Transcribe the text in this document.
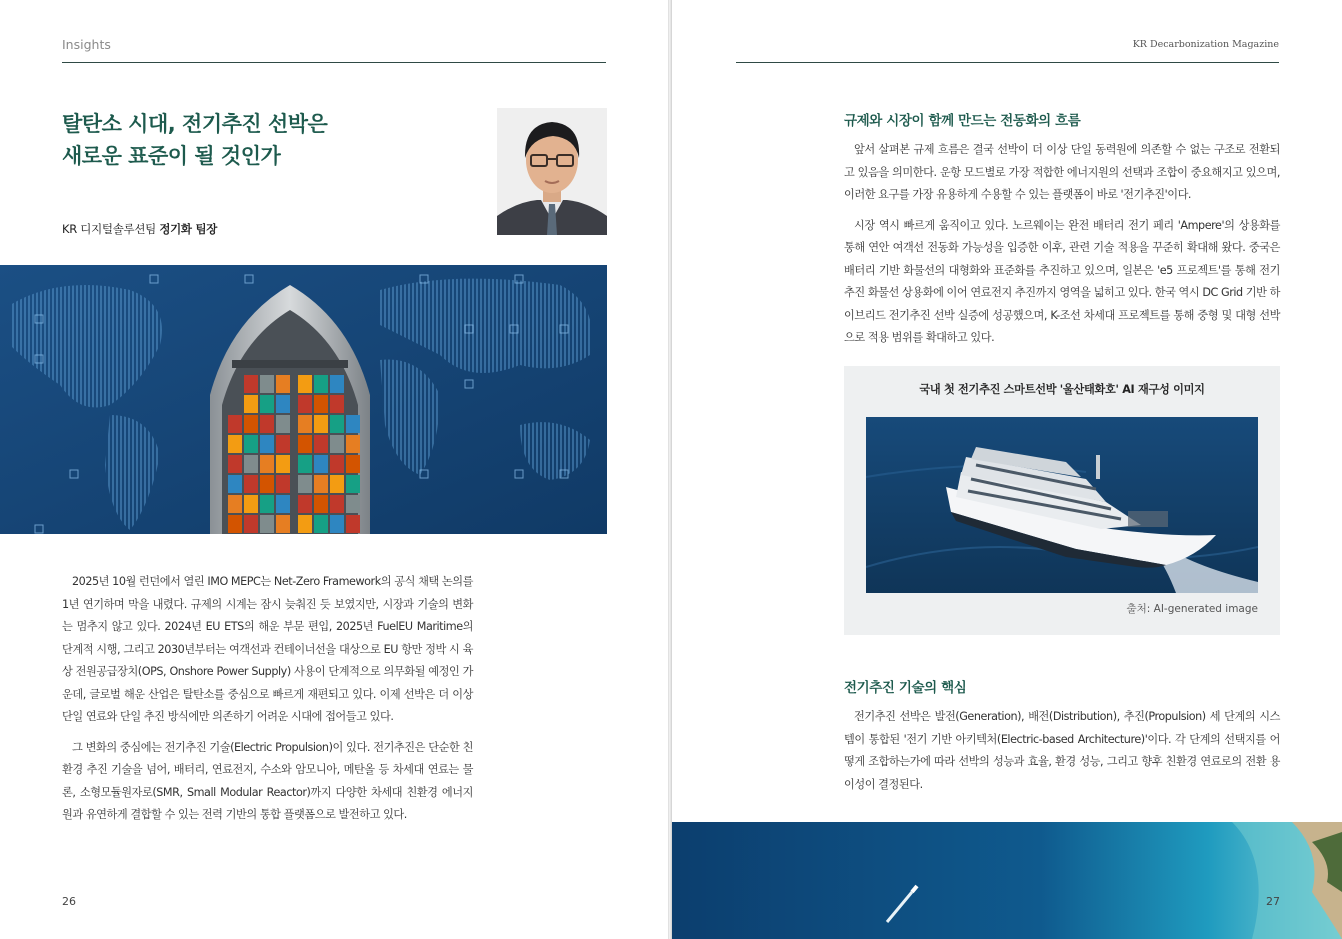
Insights
탈탄소 시대, 전기추진 선박은
새로운 표준이 될 것인가
KR 디지털솔루션팀 정기화 팀장

2025년 10월 런던에서 열린 IMO MEPC는 Net-Zero Framework의 공식 채택 논의를 1년 연기하며 막을 내렸다. 규제의 시계는 잠시 늦춰진 듯 보였지만, 시장과 기술의 변화는 멈추지 않고 있다. 2024년 EU ETS의 해운 부문 편입, 2025년 FuelEU Maritime의 단계적 시행, 그리고 2030년부터는 여객선과 컨테이너선을 대상으로 EU 항만 정박 시 육상 전원공급장치(OPS, Onshore Power Supply) 사용이 단계적으로 의무화될 예정인 가운데, 글로벌 해운 산업은 탈탄소를 중심으로 빠르게 재편되고 있다. 이제 선박은 더 이상 단일 연료와 단일 추진 방식에만 의존하기 어려운 시대에 접어들고 있다.

그 변화의 중심에는 전기추진 기술(Electric Propulsion)이 있다. 전기추진은 단순한 친환경 추진 기술을 넘어, 배터리, 연료전지, 수소와 암모니아, 메탄올 등 차세대 연료는 물론, 소형모듈원자로(SMR, Small Modular Reactor)까지 다양한 차세대 친환경 에너지원과 유연하게 결합할 수 있는 전력 기반의 통합 플랫폼으로 발전하고 있다.

26
KR Decarbonization Magazine
규제와 시장이 함께 만드는 전동화의 흐름

앞서 살펴본 규제 흐름은 결국 선박이 더 이상 단일 동력원에 의존할 수 없는 구조로 전환되고 있음을 의미한다. 운항 모드별로 가장 적합한 에너지원의 선택과 조합이 중요해지고 있으며, 이러한 요구를 가장 유용하게 수용할 수 있는 플랫폼이 바로 '전기추진'이다.

시장 역시 빠르게 움직이고 있다. 노르웨이는 완전 배터리 전기 페리 'Ampere'의 상용화를 통해 연안 여객선 전동화 가능성을 입증한 이후, 관련 기술 적용을 꾸준히 확대해 왔다. 중국은 배터리 기반 화물선의 대형화와 표준화를 추진하고 있으며, 일본은 'e5 프로젝트'를 통해 전기추진 화물선 상용화에 이어 연료전지 추진까지 영역을 넓히고 있다. 한국 역시 DC Grid 기반 하이브리드 전기추진 선박 실증에 성공했으며, K-조선 차세대 프로젝트를 통해 중형 및 대형 선박으로 적용 범위를 확대하고 있다.

국내 첫 전기추진 스마트선박 '울산태화호' AI 재구성 이미지
출처: AI-generated image
전기추진 기술의 핵심

전기추진 선박은 발전(Generation), 배전(Distribution), 추진(Propulsion) 세 단계의 시스템이 통합된 '전기 기반 아키텍처(Electric-based Architecture)'이다. 각 단계의 선택지를 어떻게 조합하는가에 따라 선박의 성능과 효율, 환경 성능, 그리고 향후 친환경 연료로의 전환 용이성이 결정된다.

27
